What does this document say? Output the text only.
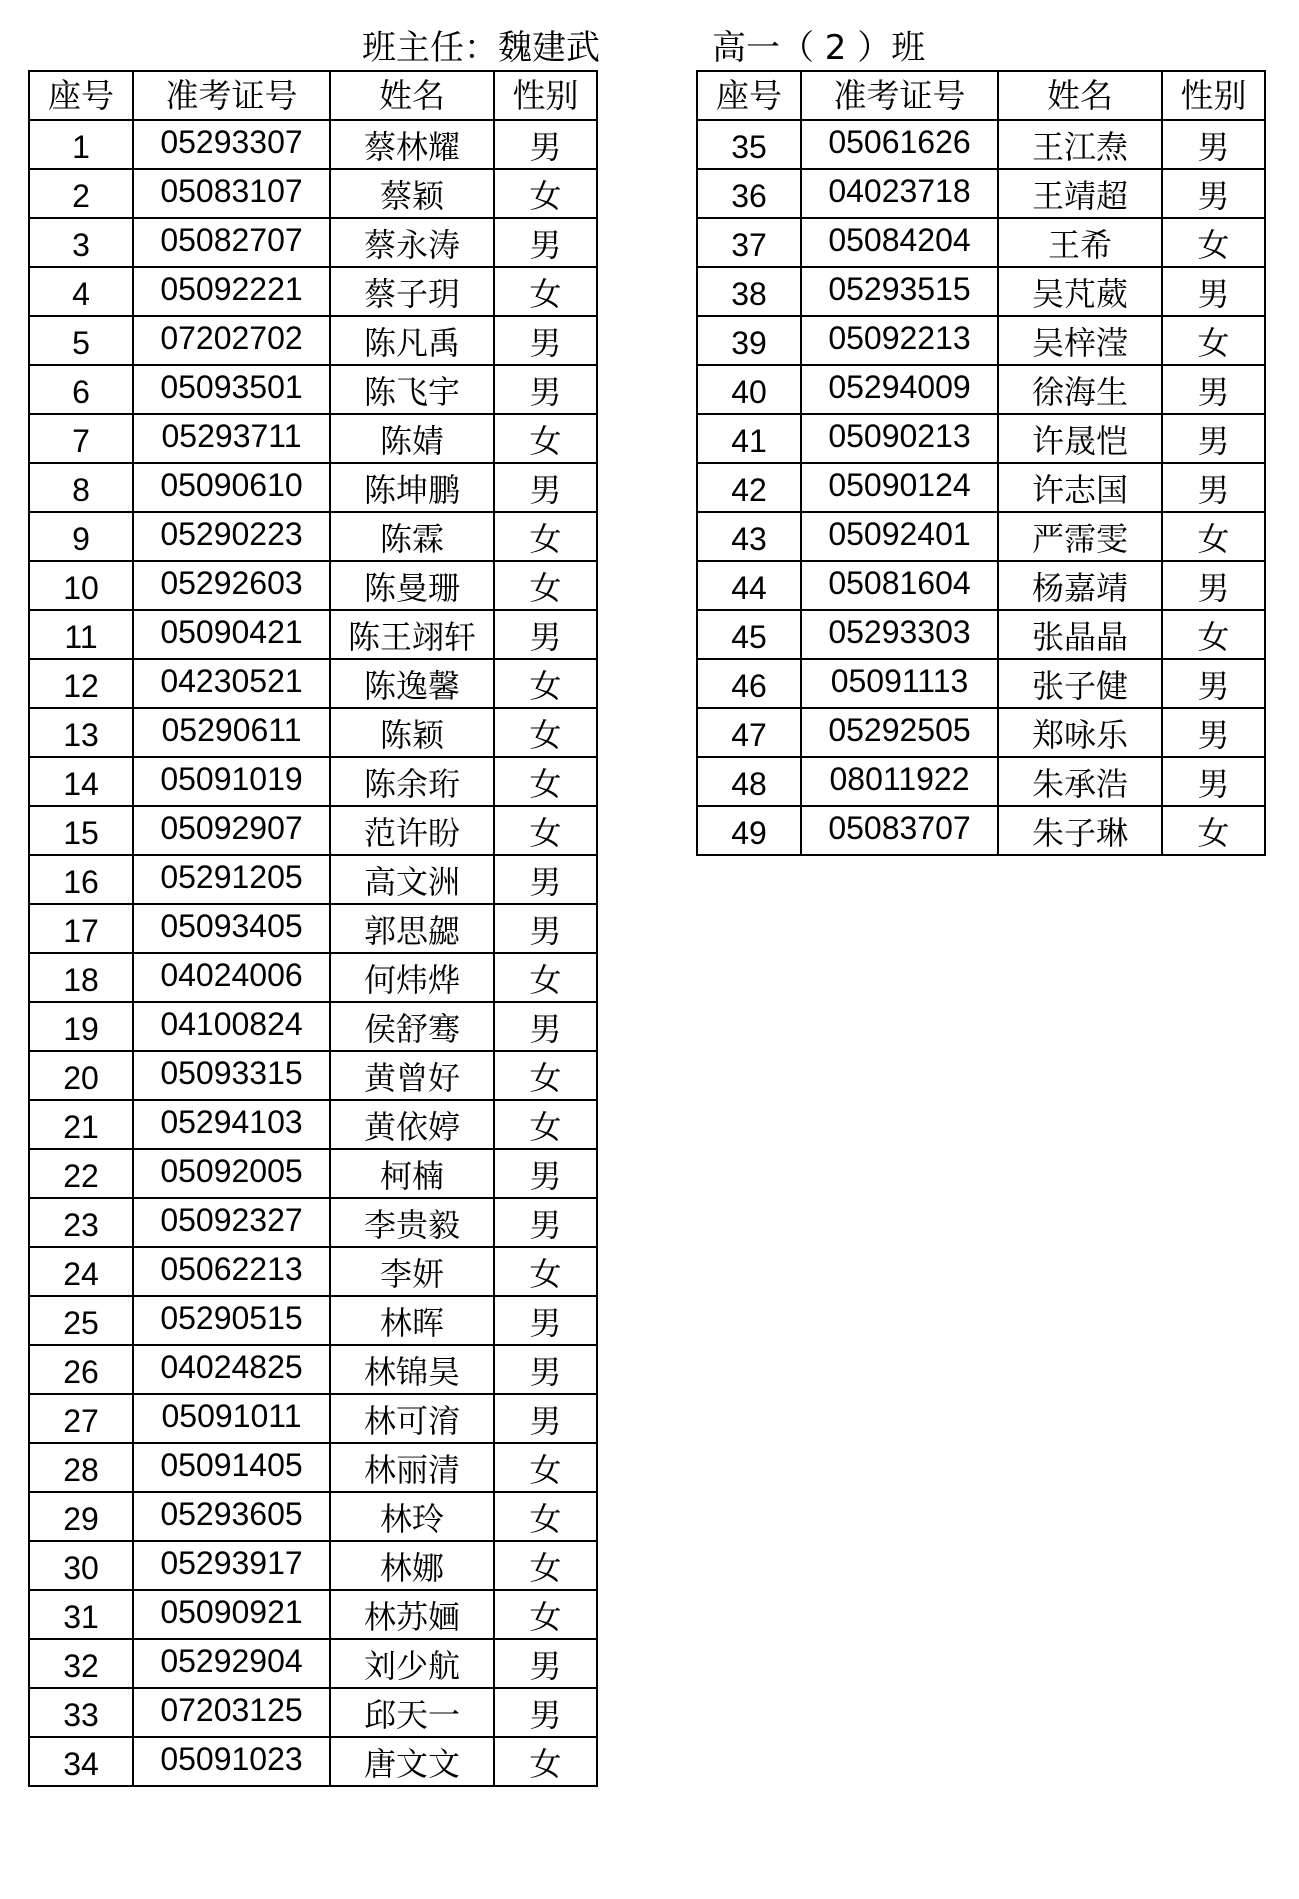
班主任：魏建武	高一（ 2 ）班
座号	准考证号	姓名	性别
1	05293307	蔡林耀	男
2	05083107	蔡颖	女
3	05082707	蔡永涛	男
4	05092221	蔡子玥	女
5	07202702	陈凡禹	男
6	05093501	陈飞宇	男
7	05293711	陈婧	女
8	05090610	陈坤鹏	男
9	05290223	陈霖	女
10	05292603	陈曼珊	女
11	05090421	陈王翊轩	男
12	04230521	陈逸馨	女
13	05290611	陈颖	女
14	05091019	陈余珩	女
15	05092907	范许盼	女
16	05291205	高文洲	男
17	05093405	郭思勰	男
18	04024006	何炜烨	女
19	04100824	侯舒骞	男
20	05093315	黄曾好	女
21	05294103	黄依婷	女
22	05092005	柯楠	男
23	05092327	李贵毅	男
24	05062213	李妍	女
25	05290515	林晖	男
26	04024825	林锦昊	男
27	05091011	林可淯	男
28	05091405	林丽清	女
29	05293605	林玲	女
30	05293917	林娜	女
31	05090921	林苏婳	女
32	05292904	刘少航	男
33	07203125	邱天一	男
34	05091023	唐文文	女
座号	准考证号	姓名	性别
35	05061626	王江焘	男
36	04023718	王靖超	男
37	05084204	王希	女
38	05293515	吴芃葳	男
39	05092213	吴梓滢	女
40	05294009	徐海生	男
41	05090213	许晟恺	男
42	05090124	许志国	男
43	05092401	严霈雯	女
44	05081604	杨嘉靖	男
45	05293303	张晶晶	女
46	05091113	张子健	男
47	05292505	郑咏乐	男
48	08011922	朱承浩	男
49	05083707	朱子琳	女
